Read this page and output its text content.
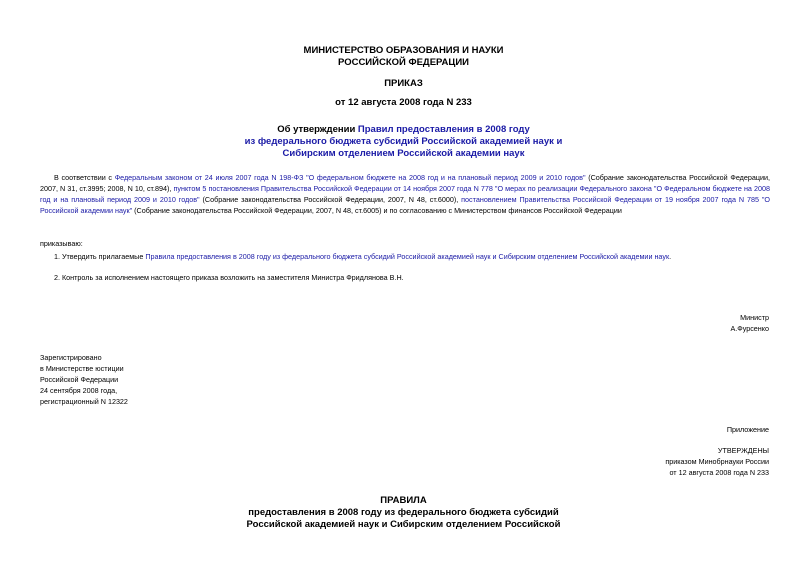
МИНИСТЕРСТВО ОБРАЗОВАНИЯ И НАУКИ
РОССИЙСКОЙ ФЕДЕРАЦИИ
ПРИКАЗ
от 12 августа 2008 года N 233
Об утверждении Правил предоставления в 2008 году
из федерального бюджета субсидий Российской академией наук и
Сибирским отделением Российской академии наук
В соответствии с Федеральным законом от 24 июля 2007 года N 198-ФЗ "О федеральном бюджете на 2008 год и на плановый период 2009 и 2010 годов" (Собрание законодательства Российской Федерации, 2007, N 31, ст.3995; 2008, N 10, ст.894), пунктом 5 постановления Правительства Российской Федерации от 14 ноября 2007 года N 778 "О мерах по реализации Федерального закона "О Федеральном бюджете на 2008 год и на плановый период 2009 и 2010 годов" (Собрание законодательства Российской Федерации, 2007, N 48, ст.6000), постановлением Правительства Российской Федерации от 19 ноября 2007 года N 785 "О Российской академии наук" (Собрание законодательства Российской Федерации, 2007, N 48, ст.6005) и по согласованию с Министерством финансов Российской Федерации
приказываю:
1. Утвердить прилагаемые Правила предоставления в 2008 году из федерального бюджета субсидий Российской академией наук и Сибирским отделением Российской академии наук.
2. Контроль за исполнением настоящего приказа возложить на заместителя Министра Фридлянова В.Н.
Министр
А.Фурсенко
Зарегистрировано
в Министерстве юстиции
Российской Федерации
24 сентября 2008 года,
регистрационный N 12322
Приложение
УТВЕРЖДЕНЫ
приказом Минобрнауки России
от 12 августа 2008 года N 233
ПРАВИЛА
предоставления в 2008 году из федерального бюджета субсидий
Российской академией наук и Сибирским отделением Российской
